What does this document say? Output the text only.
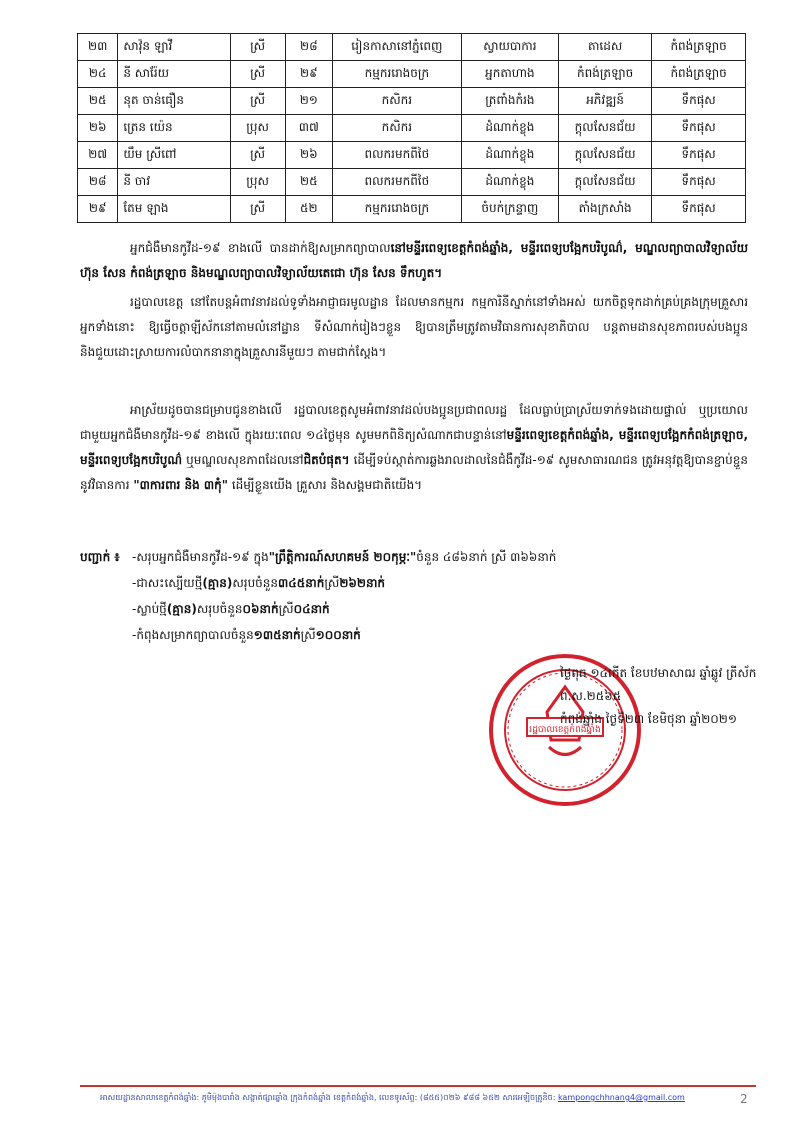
២៣	សាវ៉ុន ឡាវី	ស្រី	២៨	រៀនកាសានៅភ្នំពេញ	ស្វាយបាការ	តាដេស	កំពង់ត្រឡាច
២៤	នី សារ៉ែយ	ស្រី	២៩	កម្មកររោងចក្រ	អ្នកតាហាង	កំពង់ត្រឡាច	កំពង់ត្រឡាច
២៥	នុត ចាន់ធឿន	ស្រី	២១	កសិករ	ត្រពាំងកំរង	អភិវឌ្ឍន៍	ទឹកផុស
២៦	ត្រេន យ៉េន	ប្រុស	៣៧	កសិករ	ដំណាក់ខ្លុង	ក្តុលសែនជ័យ	ទឹកផុស
២៧	យឹម ស្រីពៅ	ស្រី	២៦	ពលករមកពីថៃ	ដំណាក់ខ្លុង	ក្តុលសែនជ័យ	ទឹកផុស
២៨	នី ចាវ	ប្រុស	២៥	ពលករមកពីថៃ	ដំណាក់ខ្លុង	ក្តុលសែនជ័យ	ទឹកផុស
២៩	តែម ឡាង	ស្រី	៥២	កម្មកររោងចក្រ	ចំបក់ក្រន្ទាញ	តាំងក្រសាំង	ទឹកផុស
អ្នកជំងឺមានកូវីដ-១៩ ខាងលើ បានដាក់ឱ្យសម្រាកព្យាបាលនៅមន្ទីរពេទ្យខេត្តកំពង់ឆ្នាំង, មន្ទីរពេទ្យបង្អែកបរិបូណ៌, មណ្ឌលព្យាបាលវិទ្យាល័យ ហ៊ុន សែន កំពង់ត្រឡាច និងមណ្ឌលព្យាបាលវិទ្យាល័យតេជោ ហ៊ុន សែន ទឹកហូត។
រដ្ឋបាលខេត្ត នៅតែបន្តអំពាវនាវដល់ទូទាំងអាជ្ញាធរមូលដ្ឋាន ដែលមានកម្មករ កម្មការិនីស្នាក់នៅទាំងអស់ យកចិត្តទុកដាក់គ្រប់គ្រងក្រុមគ្រួសារអ្នកទាំងនោះ ឱ្យធ្វើចត្តាឡីស័កនៅតាមលំនៅដ្ឋាន ទីសំណាក់រៀងៗខ្លួន ឱ្យបានត្រឹមត្រូវតាមវិធានការសុខាភិបាល បន្តតាមដានសុខភាពរបស់បងប្អូន និងជួយដោះស្រាយការលំបាកនានាក្នុងគ្រួសារនីមួយៗ តាមជាក់ស្តែង។
អាស្រ័យដូចបានជម្រាបជូនខាងលើ រដ្ឋបាលខេត្តសូមអំពាវនាវដល់បងប្អូនប្រជាពលរដ្ឋ ដែលធ្លាប់ប្រាស្រ័យទាក់ទងដោយផ្ទាល់ ឬប្រយោលជាមួយអ្នកជំងឺមានកូវីដ-១៩ ខាងលើ ក្នុងរយៈពេល ១៤ថ្ងៃមុន សូមមកពិនិត្យសំណាកជាបន្ទាន់នៅមន្ទីរពេទ្យខេត្តកំពង់ឆ្នាំង, មន្ទីរពេទ្យបង្អែកកំពង់ត្រឡាច, មន្ទីរពេទ្យបង្អែកបរិបូណ៌ ឬមណ្ឌលសុខភាពដែលនៅជិតបំផុត។ ដើម្បីទប់ស្កាត់ការឆ្លងរាលដាលនៃជំងឺកូវីដ-១៩ សូមសាធារណជន ត្រូវអនុវត្តឱ្យបានខ្ជាប់ខ្ជួននូវវិធានការ "៣ការពារ និង ៣កុំ" ដើម្បីខ្លួនយើង គ្រួសារ និងសង្គមជាតិយើង។
បញ្ជាក់ ៖	-សរុបអ្នកជំងឺមានកូវីដ-១៩ ក្នុង "ព្រឹត្តិការណ៍សហគមន៍ ២០កុម្ភៈ" ចំនួន ៤៨៦នាក់ ស្រី ៣៦៦នាក់
-ជាសះស្បើយថ្មី (គ្មាន) សរុបចំនួន ៣៤៥នាក់ ស្រី ២៦២នាក់
-ស្លាប់ថ្មី (គ្មាន) សរុបចំនួន ០៦នាក់ ស្រី ០៤នាក់
-កំពុងសម្រាកព្យាបាលចំនួន ១៣៥នាក់ ស្រី ១០០នាក់
រដ្ឋបាលខេត្តកំពង់ឆ្នាំង
ថ្ងៃពុធ ១៤កើត ខែបឋមាសាឍ ឆ្នាំឆ្លូវ ត្រីស័ក ព.ស.២៥៦៥
កំពង់ឆ្នាំង ថ្ងៃទី២៣ ខែមិថុនា ឆ្នាំ២០២១
អាសយដ្ឋានសាលាខេត្តកំពង់ឆ្នាំង: ភូមិម៉ុងបារាំង សង្កាត់ផ្សារឆ្នាំង ក្រុងកំពង់ឆ្នាំង ខេត្តកំពង់ឆ្នាំង, លេខទូរស័ព្ទ: (៨៥៥)០២៦ ៩៨៨ ៦៥២ សារអេឡិចត្រូនិច: kampongchhnang4@gmail.com	2
